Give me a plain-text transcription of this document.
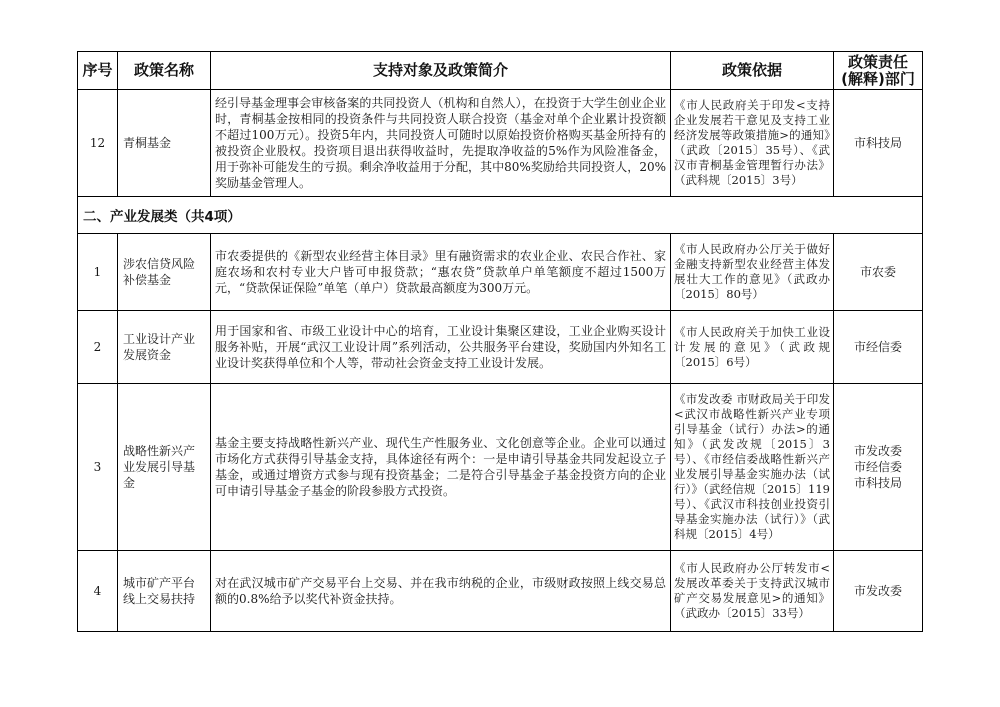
序号	政策名称	支持对象及政策简介	政策依据	政策责任
(解释)部门

12	青桐基金	经引导基金理事会审核备案的共同投资人（机构和自然人），在投资于大学生创业企业时，青桐基金按相同的投资条件与共同投资人联合投资（基金对单个企业累计投资额不超过100万元）。投资5年内，共同投资人可随时以原始投资价格购买基金所持有的被投资企业股权。投资项目退出获得收益时，先提取净收益的5%作为风险准备金，用于弥补可能发生的亏损。剩余净收益用于分配，其中80%奖励给共同投资人，20%奖励基金管理人。	《市人民政府关于印发<支持企业发展若干意见及支持工业经济发展等政策措施>的通知》（武政〔2015〕35号）、《武汉市青桐基金管理暂行办法》（武科规〔2015〕3号）	市科技局

二、产业发展类（共4项）				
1	涉农信贷风险补偿基金	市农委提供的《新型农业经营主体目录》里有融资需求的农业企业、农民合作社、家庭农场和农村专业大户皆可申报贷款；“惠农贷”贷款单户单笔额度不超过1500万元，“贷款保证保险”单笔（单户）贷款最高额度为300万元。	《市人民政府办公厅关于做好金融支持新型农业经营主体发展壮大工作的意见》（武政办〔2015〕80号）	市农委

2	工业设计产业发展资金	用于国家和省、市级工业设计中心的培育，工业设计集聚区建设，工业企业购买设计服务补贴，开展“武汉工业设计周”系列活动，公共服务平台建设，奖励国内外知名工业设计奖获得单位和个人等，带动社会资金支持工业设计发展。	《市人民政府关于加快工业设计发展的意见》（武政规〔2015〕6号）	市经信委

3	战略性新兴产业发展引导基金	基金主要支持战略性新兴产业、现代生产性服务业、文化创意等企业。企业可以通过市场化方式获得引导基金支持，具体途径有两个：一是申请引导基金共同发起设立子基金，或通过增资方式参与现有投资基金；二是符合引导基金子基金投资方向的企业可申请引导基金子基金的阶段参股方式投资。	《市发改委 市财政局关于印发<武汉市战略性新兴产业专项引导基金（试行）办法>的通知》（武发改规〔2015〕3号）、《市经信委战略性新兴产业发展引导基金实施办法（试行）》（武经信规〔2015〕119号）、《武汉市科技创业投资引导基金实施办法（试行）》（武科规〔2015〕4号）	市发改委
市经信委
市科技局

4	城市矿产平台线上交易扶持	对在武汉城市矿产交易平台上交易、并在我市纳税的企业，市级财政按照上线交易总额的0.8%给予以奖代补资金扶持。	《市人民政府办公厅转发市<发展改革委关于支持武汉城市矿产交易发展意见>的通知》（武政办〔2015〕33号）	市发改委
